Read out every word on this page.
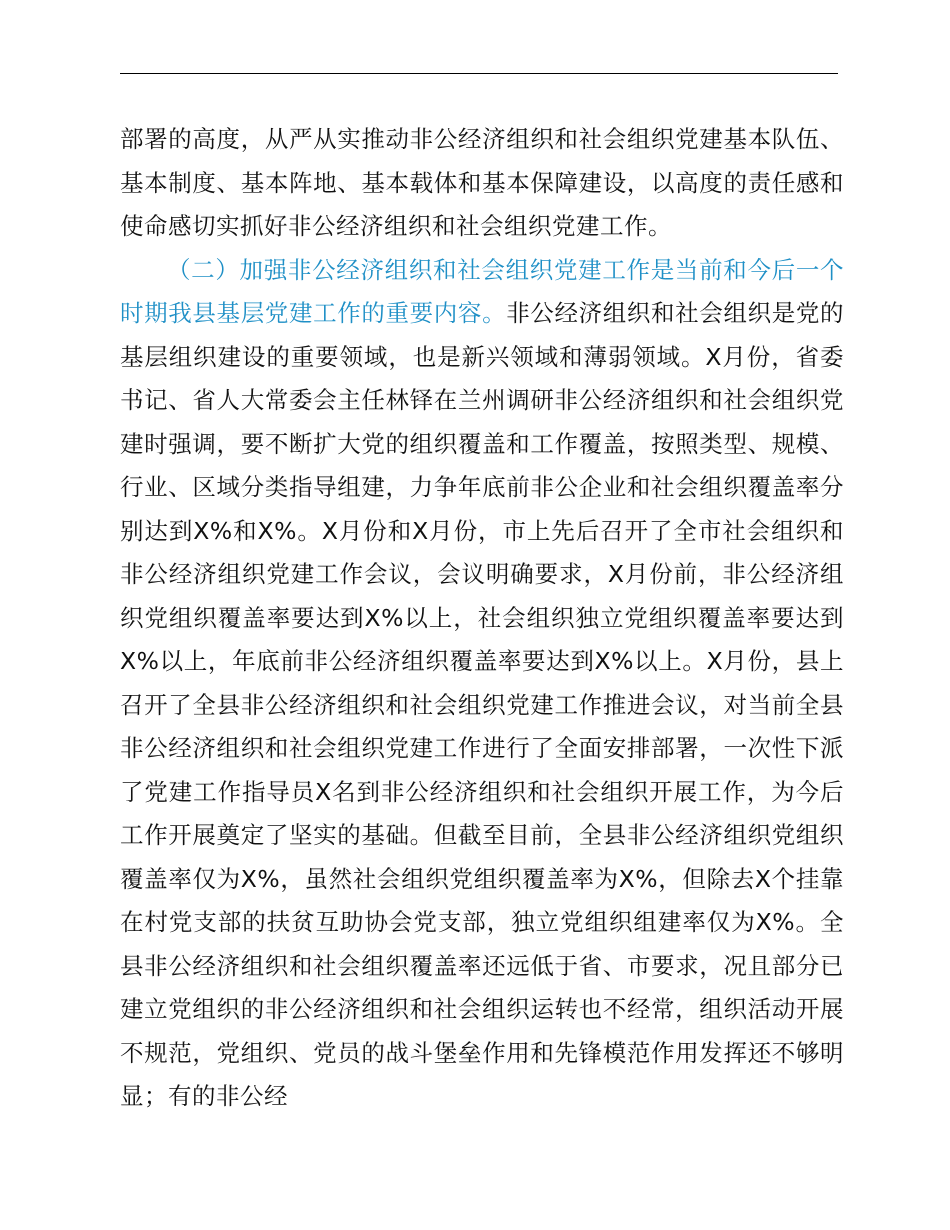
部署的高度，从严从实推动非公经济组织和社会组织党建基本队伍、基本制度、基本阵地、基本载体和基本保障建设，以高度的责任感和使命感切实抓好非公经济组织和社会组织党建工作。

（二）加强非公经济组织和社会组织党建工作是当前和今后一个时期我县基层党建工作的重要内容。非公经济组织和社会组织是党的基层组织建设的重要领域，也是新兴领域和薄弱领域。X月份，省委书记、省人大常委会主任林铎在兰州调研非公经济组织和社会组织党建时强调，要不断扩大党的组织覆盖和工作覆盖，按照类型、规模、行业、区域分类指导组建，力争年底前非公企业和社会组织覆盖率分别达到X%和X%。X月份和X月份，市上先后召开了全市社会组织和非公经济组织党建工作会议，会议明确要求，X月份前，非公经济组织党组织覆盖率要达到X%以上，社会组织独立党组织覆盖率要达到X%以上，年底前非公经济组织覆盖率要达到X%以上。X月份，县上召开了全县非公经济组织和社会组织党建工作推进会议，对当前全县非公经济组织和社会组织党建工作进行了全面安排部署，一次性下派了党建工作指导员X名到非公经济组织和社会组织开展工作，为今后工作开展奠定了坚实的基础。但截至目前，全县非公经济组织党组织覆盖率仅为X%，虽然社会组织党组织覆盖率为X%，但除去X个挂靠在村党支部的扶贫互助协会党支部，独立党组织组建率仅为X%。全县非公经济组织和社会组织覆盖率还远低于省、市要求，况且部分已建立党组织的非公经济组织和社会组织运转也不经常，组织活动开展不规范，党组织、党员的战斗堡垒作用和先锋模范作用发挥还不够明显；有的非公经
